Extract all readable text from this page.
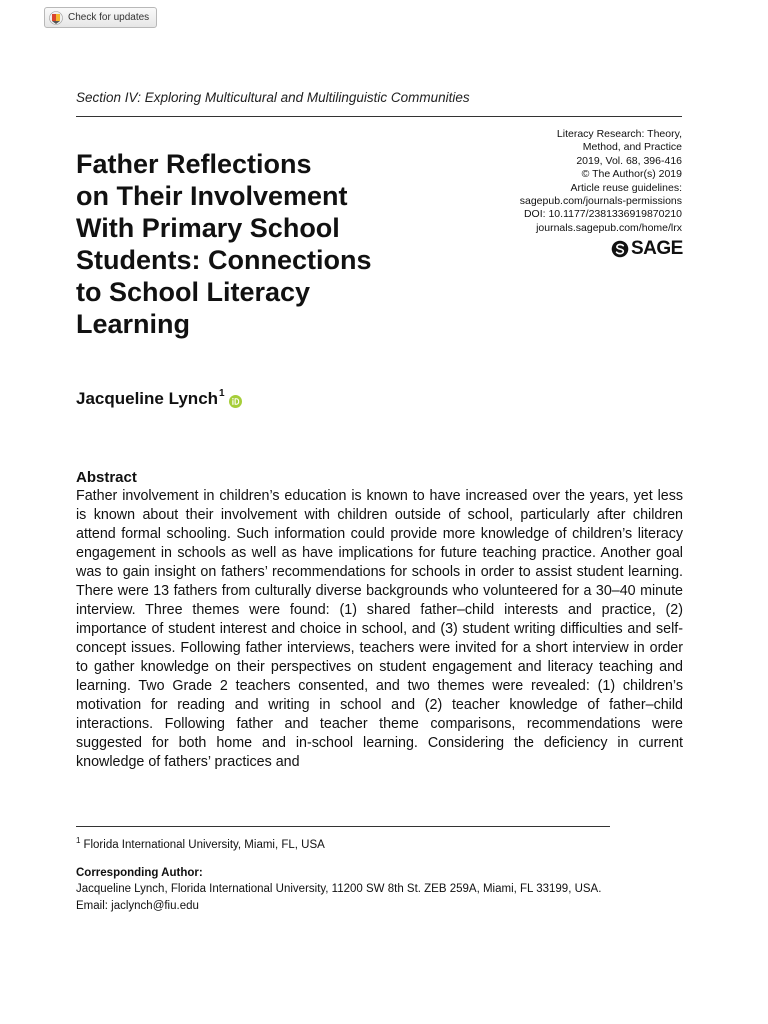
Check for updates
Section IV: Exploring Multicultural and Multilinguistic Communities
Father Reflections
on Their Involvement
With Primary School
Students: Connections
to School Literacy
Learning
Literacy Research: Theory,
Method, and Practice
2019, Vol. 68, 396-416
© The Author(s) 2019
Article reuse guidelines:
sagepub.com/journals-permissions
DOI: 10.1177/2381336919870210
journals.sagepub.com/home/lrx
SAGE
Jacqueline Lynch$^1$
Abstract

Father involvement in children’s education is known to have increased over the years, yet less is known about their involvement with children outside of school, particularly after children attend formal schooling. Such information could provide more knowledge of children’s literacy engagement in schools as well as have implications for future teaching practice. Another goal was to gain insight on fathers’ recommendations for schools in order to assist student learning. There were 13 fathers from culturally diverse backgrounds who volunteered for a 30–40 minute interview. Three themes were found: (1) shared father–child interests and practice, (2) importance of student interest and choice in school, and (3) student writing difficulties and self-concept issues. Following father interviews, teachers were invited for a short interview in order to gather knowledge on their perspectives on student engagement and literacy teaching and learning. Two Grade 2 teachers consented, and two themes were revealed: (1) children’s motivation for reading and writing in school and (2) teacher knowledge of father–child interactions. Following father and teacher theme comparisons, recommendations were suggested for both home and in-school learning. Considering the deficiency in current knowledge of fathers’ practices and

$^1$ Florida International University, Miami, FL, USA
Corresponding Author:
Jacqueline Lynch, Florida International University, 11200 SW 8th St. ZEB 259A, Miami, FL 33199, USA.
Email: jaclynch@fiu.edu
